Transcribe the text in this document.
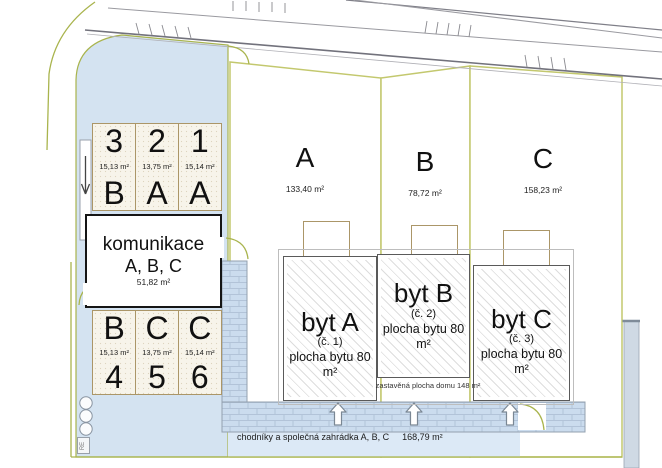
3
15,13 m²
B
2
13,75 m²
A
1
15,14 m²
A
komunikace
A, B, C
51,82 m²
B
15,13 m²
4
C
13,75 m²
5
C
15,14 m²
6
A
133,40 m²
B
78,72 m²
C
158,23 m²
byt A
(č. 1)
plocha bytu 80 m²
byt B
(č. 2)
plocha bytu 80 m²
byt C
(č. 3)
plocha bytu 80 m²
zastavěná plocha domu 148 m²
chodníky a společná zahrádka A, B, C 168,79 m²
RE
